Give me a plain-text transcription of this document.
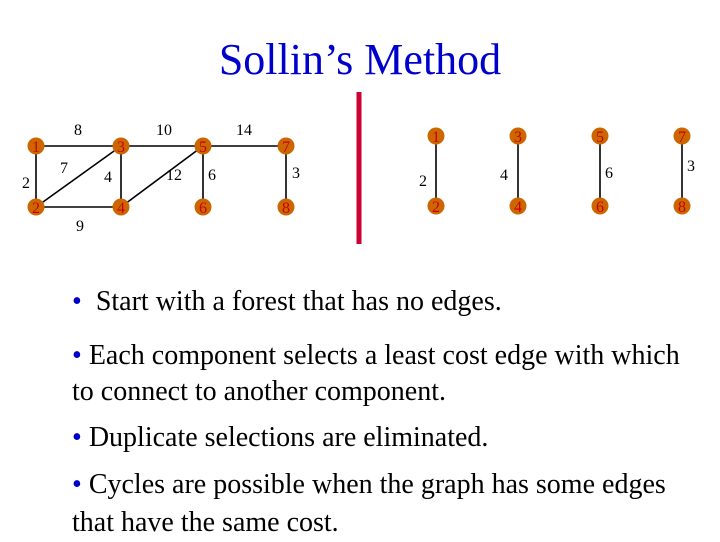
Sollin’s Method
2
8
7
9
4
10
12 6
14
3
1
2
3
4
5
6
7
8
2	4	6	3
1	3	5	7
2	4	6	8
• Start with a forest that has no edges.
• Each component selects a least cost edge with which to connect to another component.
• Duplicate selections are eliminated.
• Cycles are possible when the graph has some edges that have the same cost.
